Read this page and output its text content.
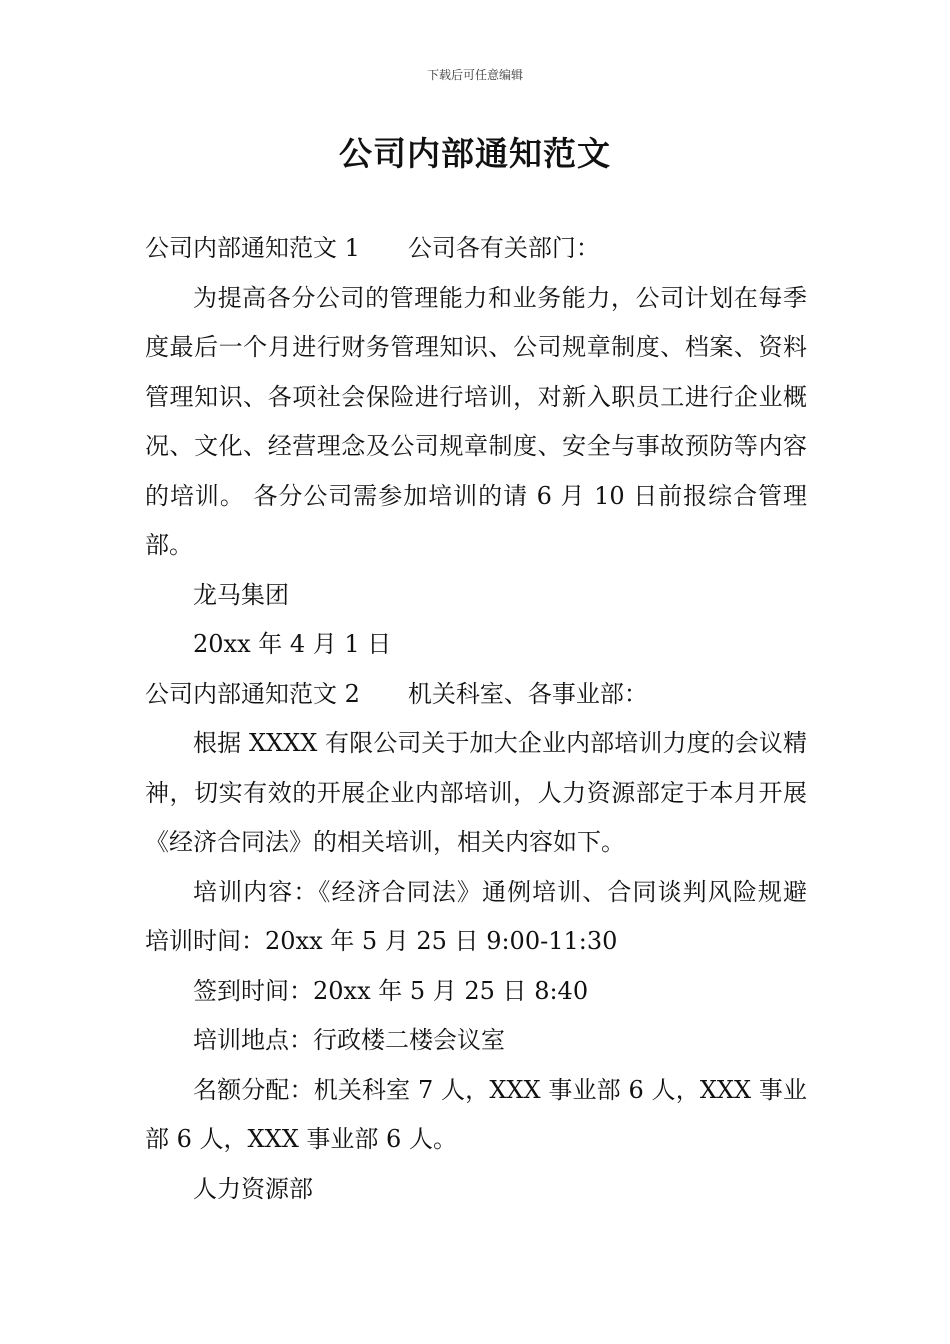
下载后可任意编辑
公司内部通知范文

公司内部通知范文 1 公司各有关部门：

为提高各分公司的管理能力和业务能力，公司计划在每季度最后一个月进行财务管理知识、公司规章制度、档案、资料管理知识、各项社会保险进行培训，对新入职员工进行企业概况、文化、经营理念及公司规章制度、安全与事故预防等内容的培训。 各分公司需参加培训的请 6 月 10 日前报综合管理部。

龙马集团

20xx 年 4 月 1 日

公司内部通知范文 2 机关科室、各事业部：

根据 XXXX 有限公司关于加大企业内部培训力度的会议精神，切实有效的开展企业内部培训，人力资源部定于本月开展《经济合同法》的相关培训，相关内容如下。

培训内容：《经济合同法》通例培训、合同谈判风险规避 培训时间：20xx 年 5 月 25 日 9:00-11:30

签到时间：20xx 年 5 月 25 日 8:40

培训地点：行政楼二楼会议室

名额分配：机关科室 7 人，XXX 事业部 6 人，XXX 事业部 6 人，XXX 事业部 6 人。

人力资源部
